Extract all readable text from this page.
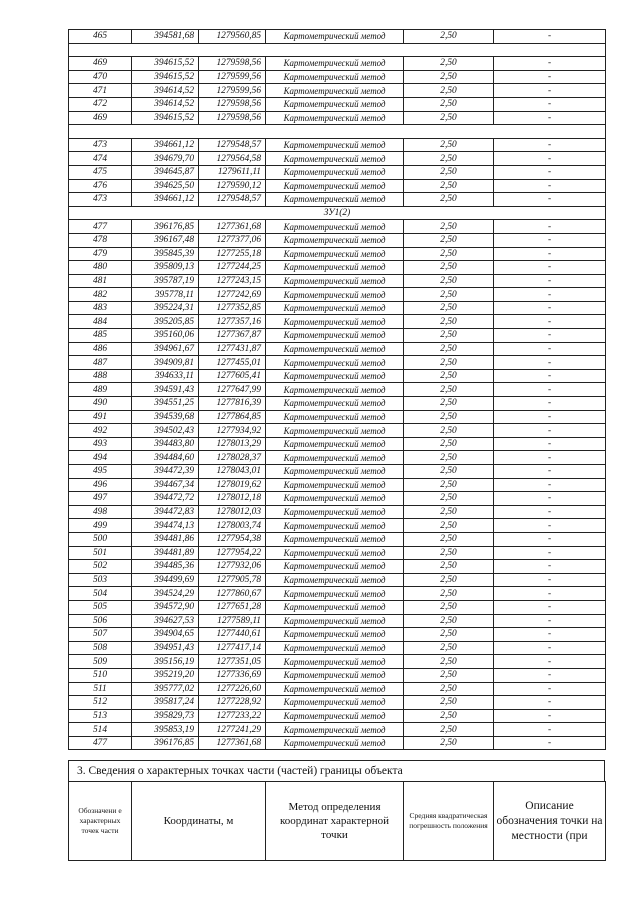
465	394581,68	1279560,85	Картометрический метод	2,50	-

469	394615,52	1279598,56	Картометрический метод	2,50	-
470	394615,52	1279599,56	Картометрический метод	2,50	-
471	394614,52	1279599,56	Картометрический метод	2,50	-
472	394614,52	1279598,56	Картометрический метод	2,50	-
469	394615,52	1279598,56	Картометрический метод	2,50	-

473	394661,12	1279548,57	Картометрический метод	2,50	-
474	394679,70	1279564,58	Картометрический метод	2,50	-
475	394645,87	1279611,11	Картометрический метод	2,50	-
476	394625,50	1279590,12	Картометрический метод	2,50	-
473	394661,12	1279548,57	Картометрический метод	2,50	-
ЗУ1(2)					
477	396176,85	1277361,68	Картометрический метод	2,50	-
478	396167,48	1277377,06	Картометрический метод	2,50	-
479	395845,39	1277255,18	Картометрический метод	2,50	-
480	395809,13	1277244,25	Картометрический метод	2,50	-
481	395787,19	1277243,15	Картометрический метод	2,50	-
482	395778,11	1277242,69	Картометрический метод	2,50	-
483	395224,31	1277352,85	Картометрический метод	2,50	-
484	395205,85	1277357,16	Картометрический метод	2,50	-
485	395160,06	1277367,87	Картометрический метод	2,50	-
486	394961,67	1277431,87	Картометрический метод	2,50	-
487	394909,81	1277455,01	Картометрический метод	2,50	-
488	394633,11	1277605,41	Картометрический метод	2,50	-
489	394591,43	1277647,99	Картометрический метод	2,50	-
490	394551,25	1277816,39	Картометрический метод	2,50	-
491	394539,68	1277864,85	Картометрический метод	2,50	-
492	394502,43	1277934,92	Картометрический метод	2,50	-
493	394483,80	1278013,29	Картометрический метод	2,50	-
494	394484,60	1278028,37	Картометрический метод	2,50	-
495	394472,39	1278043,01	Картометрический метод	2,50	-
496	394467,34	1278019,62	Картометрический метод	2,50	-
497	394472,72	1278012,18	Картометрический метод	2,50	-
498	394472,83	1278012,03	Картометрический метод	2,50	-
499	394474,13	1278003,74	Картометрический метод	2,50	-
500	394481,86	1277954,38	Картометрический метод	2,50	-
501	394481,89	1277954,22	Картометрический метод	2,50	-
502	394485,36	1277932,06	Картометрический метод	2,50	-
503	394499,69	1277905,78	Картометрический метод	2,50	-
504	394524,29	1277860,67	Картометрический метод	2,50	-
505	394572,90	1277651,28	Картометрический метод	2,50	-
506	394627,53	1277589,11	Картометрический метод	2,50	-
507	394904,65	1277440,61	Картометрический метод	2,50	-
508	394951,43	1277417,14	Картометрический метод	2,50	-
509	395156,19	1277351,05	Картометрический метод	2,50	-
510	395219,20	1277336,69	Картометрический метод	2,50	-
511	395777,02	1277226,60	Картометрический метод	2,50	-
512	395817,24	1277228,92	Картометрический метод	2,50	-
513	395829,73	1277233,22	Картометрический метод	2,50	-
514	395853,19	1277241,29	Картометрический метод	2,50	-
477	396176,85	1277361,68	Картометрический метод	2,50	-
3. Сведения о характерных точках части (частей) границы объекта
Обозначени е характерных точек части	Координаты, м	Метод определения координат характерной точки	Средняя квадратическая погрешность положения	Описание обозначения точки на местности (при
